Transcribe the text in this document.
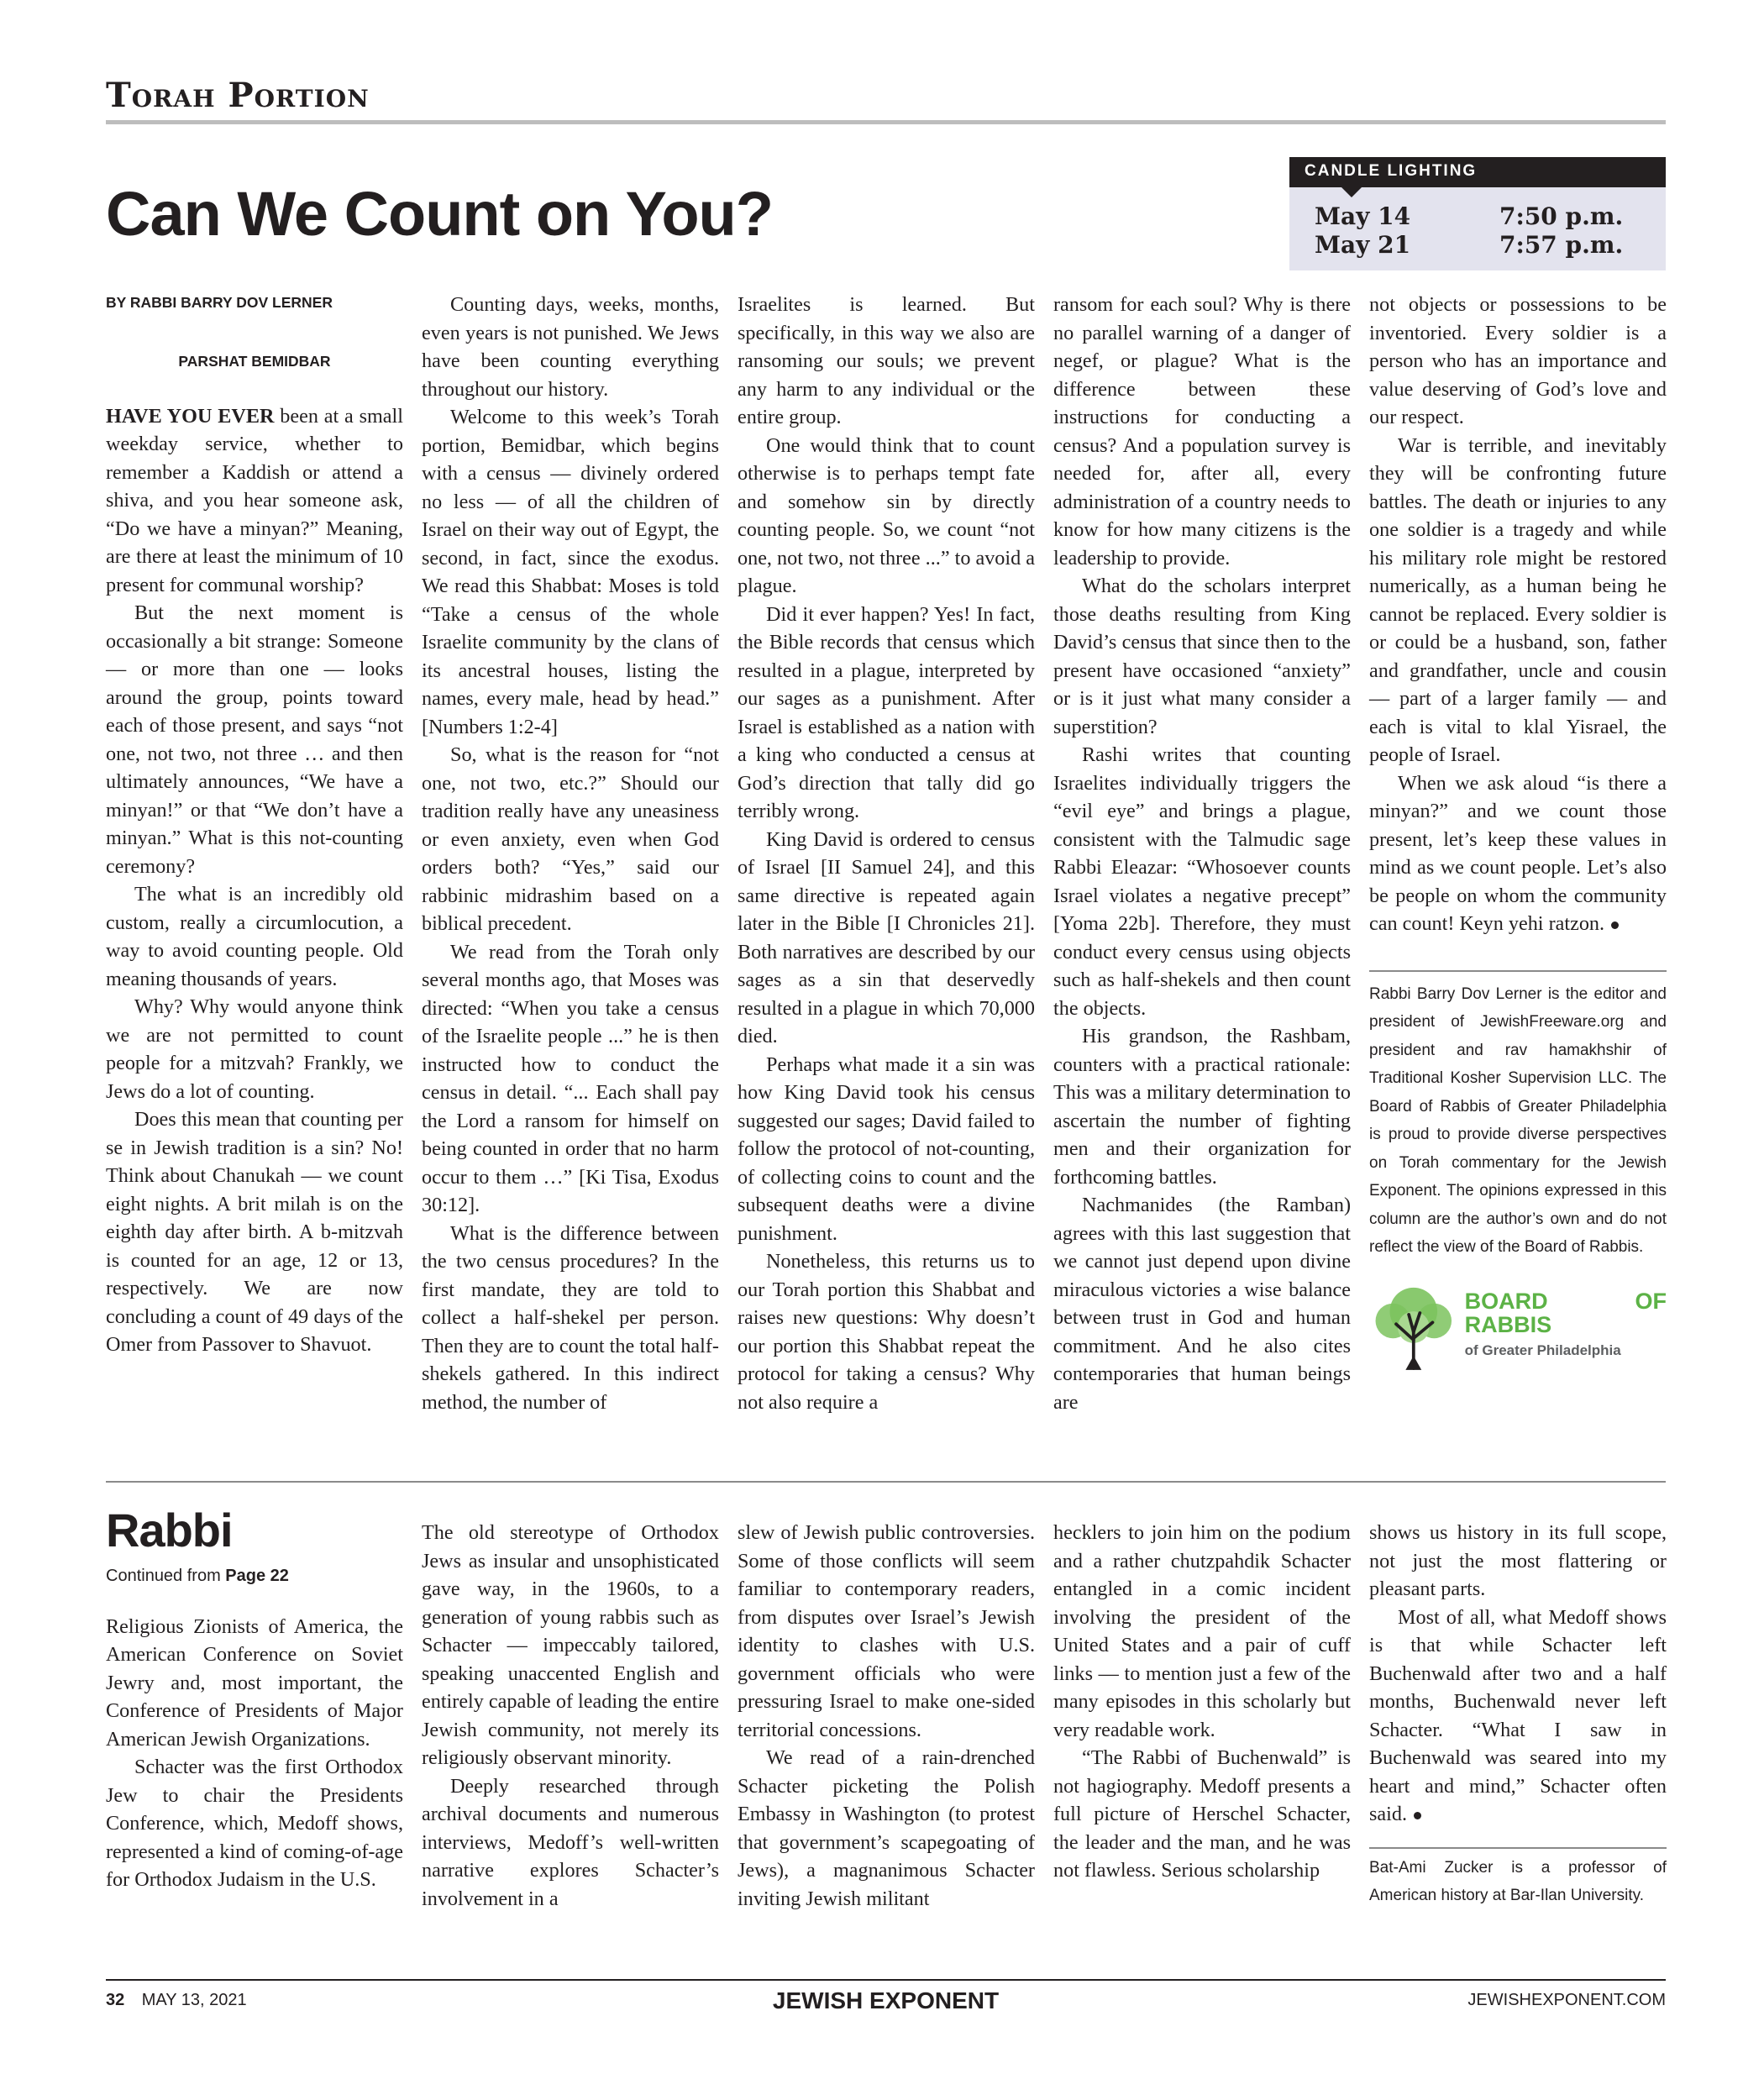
Torah Portion
Can We Count on You?
CANDLE LIGHTING
May 14	7:50 p.m.
May 21	7:57 p.m.
BY RABBI BARRY DOV LERNER
PARSHAT BEMIDBAR

HAVE YOU EVER been at a small weekday service, whether to remember a Kaddish or attend a shiva, and you hear someone ask, “Do we have a minyan?” Meaning, are there at least the minimum of 10 present for communal worship?

But the next moment is occasionally a bit strange: Someone — or more than one — looks around the group, points toward each of those present, and says “not one, not two, not three … and then ultimately announces, “We have a minyan!” or that “We don’t have a minyan.” What is this not-counting ceremony?

The what is an incredibly old custom, really a circumlocution, a way to avoid counting people. Old meaning thousands of years.

Why? Why would anyone think we are not permitted to count people for a mitzvah? Frankly, we Jews do a lot of counting.

Does this mean that counting per se in Jewish tradition is a sin? No! Think about Chanukah — we count eight nights. A brit milah is on the eighth day after birth. A b-mitzvah is counted for an age, 12 or 13, respectively. We are now concluding a count of 49 days of the Omer from Passover to Shavuot.

Counting days, weeks, months, even years is not punished. We Jews have been counting everything throughout our history.

Welcome to this week’s Torah portion, Bemidbar, which begins with a census — divinely ordered no less — of all the children of Israel on their way out of Egypt, the second, in fact, since the exodus. We read this Shabbat: Moses is told “Take a census of the whole Israelite community by the clans of its ancestral houses, listing the names, every male, head by head.” [Numbers 1:2-4]

So, what is the reason for “not one, not two, etc.?” Should our tradition really have any uneasiness or even anxiety, even when God orders both? “Yes,” said our rabbinic midrashim based on a biblical precedent.

We read from the Torah only several months ago, that Moses was directed: “When you take a census of the Israelite people ...” he is then instructed how to conduct the census in detail. “... Each shall pay the Lord a ransom for himself on being counted in order that no harm occur to them …” [Ki Tisa, Exodus 30:12].

What is the difference between the two census procedures? In the first mandate, they are told to collect a half-shekel per person. Then they are to count the total half-shekels gathered. In this indirect method, the number of

Israelites is learned. But specifically, in this way we also are ransoming our souls; we prevent any harm to any individual or the entire group.

One would think that to count otherwise is to perhaps tempt fate and somehow sin by directly counting people. So, we count “not one, not two, not three ...” to avoid a plague.

Did it ever happen? Yes! In fact, the Bible records that census which resulted in a plague, interpreted by our sages as a punishment. After Israel is established as a nation with a king who conducted a census at God’s direction that tally did go terribly wrong.

King David is ordered to census of Israel [II Samuel 24], and this same directive is repeated again later in the Bible [I Chronicles 21]. Both narratives are described by our sages as a sin that deservedly resulted in a plague in which 70,000 died.

Perhaps what made it a sin was how King David took his census suggested our sages; David failed to follow the protocol of not-counting, of collecting coins to count and the subsequent deaths were a divine punishment.

Nonetheless, this returns us to our Torah portion this Shabbat and raises new questions: Why doesn’t our portion this Shabbat repeat the protocol for taking a census? Why not also require a

ransom for each soul? Why is there no parallel warning of a danger of negef, or plague? What is the difference between these instructions for conducting a census? And a population survey is needed for, after all, every administration of a country needs to know for how many citizens is the leadership to provide.

What do the scholars interpret those deaths resulting from King David’s census that since then to the present have occasioned “anxiety” or is it just what many consider a superstition?

Rashi writes that counting Israelites individually triggers the “evil eye” and brings a plague, consistent with the Talmudic sage Rabbi Eleazar: “Whosoever counts Israel violates a negative precept” [Yoma 22b]. Therefore, they must conduct every census using objects such as half-shekels and then count the objects.

His grandson, the Rashbam, counters with a practical rationale: This was a military determination to ascertain the number of fighting men and their organization for forthcoming battles.

Nachmanides (the Ramban) agrees with this last suggestion that we cannot just depend upon divine miraculous victories a wise balance between trust in God and human commitment. And he also cites contemporaries that human beings are

not objects or possessions to be inventoried. Every soldier is a person who has an importance and value deserving of God’s love and our respect.

War is terrible, and inevitably they will be confronting future battles. The death or injuries to any one soldier is a tragedy and while his military role might be restored numerically, as a human being he cannot be replaced. Every soldier is or could be a husband, son, father and grandfather, uncle and cousin — part of a larger family — and each is vital to klal Yisrael, the people of Israel.

When we ask aloud “is there a minyan?” and we count those present, let’s keep these values in mind as we count people. Let’s also be people on whom the community can count! Keyn yehi ratzon.

Rabbi Barry Dov Lerner is the editor and president of JewishFreeware.org and president and rav hamakhshir of Traditional Kosher Supervision LLC. The Board of Rabbis of Greater Philadelphia is proud to provide diverse perspectives on Torah commentary for the Jewish Exponent. The opinions expressed in this column are the author’s own and do not reflect the view of the Board of Rabbis.
BOARD OF RABBIS
of Greater Philadelphia
Rabbi
Continued from Page 22

Religious Zionists of America, the American Conference on Soviet Jewry and, most important, the Conference of Presidents of Major American Jewish Organizations.

Schacter was the first Orthodox Jew to chair the Presidents Conference, which, Medoff shows, represented a kind of coming-of-age for Orthodox Judaism in the U.S.

The old stereotype of Orthodox Jews as insular and unsophisticated gave way, in the 1960s, to a generation of young rabbis such as Schacter — impeccably tailored, speaking unaccented English and entirely capable of leading the entire Jewish community, not merely its religiously observant minority.

Deeply researched through archival documents and numerous interviews, Medoff’s well-written narrative explores Schacter’s involvement in a

slew of Jewish public controversies. Some of those conflicts will seem familiar to contemporary readers, from disputes over Israel’s Jewish identity to clashes with U.S. government officials who were pressuring Israel to make one-sided territorial concessions.

We read of a rain-drenched Schacter picketing the Polish Embassy in Washington (to protest that government’s scapegoating of Jews), a magnanimous Schacter inviting Jewish militant

hecklers to join him on the podium and a rather chutzpahdik Schacter entangled in a comic incident involving the president of the United States and a pair of cuff links — to mention just a few of the many episodes in this scholarly but very readable work.

“The Rabbi of Buchenwald” is not hagiography. Medoff presents a full picture of Herschel Schacter, the leader and the man, and he was not flawless. Serious scholarship

shows us history in its full scope, not just the most flattering or pleasant parts.

Most of all, what Medoff shows is that while Schacter left Buchenwald after two and a half months, Buchenwald never left Schacter. “What I saw in Buchenwald was seared into my heart and mind,” Schacter often said.

Bat-Ami Zucker is a professor of American history at Bar-Ilan University.
32 MAY 13, 2021	JEWISH EXPONENT	JEWISHEXPONENT.COM
